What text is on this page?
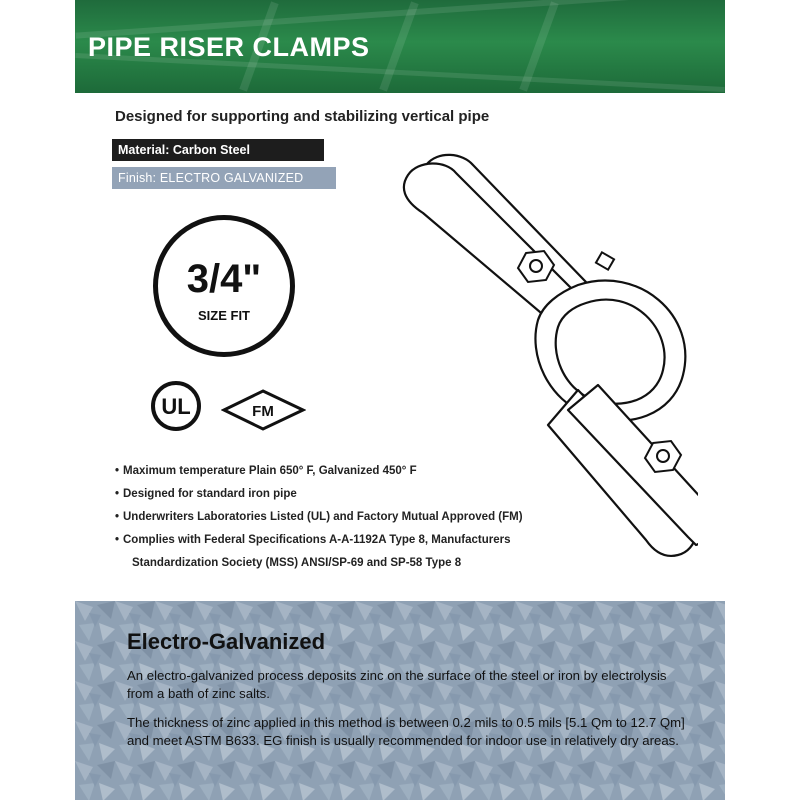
PIPE RISER CLAMPS
Designed for supporting and stabilizing vertical pipe
Material: Carbon Steel
Finish: ELECTRO GALVANIZED
3/4"
SIZE FIT
UL	FM
• Maximum temperature Plain 650° F, Galvanized 450° F
• Designed for standard iron pipe
• Underwriters Laboratories Listed (UL) and Factory Mutual Approved (FM)
• Complies with Federal Specifications A-A-1192A Type 8, Manufacturers
Standardization Society (MSS) ANSI/SP-69 and SP-58 Type 8
Electro-Galvanized

An electro-galvanized process deposits zinc on the surface of the steel or iron by electrolysis from a bath of zinc salts.

The thickness of zinc applied in this method is between 0.2 mils to 0.5 mils [5.1 Qm to 12.7 Qm] and meet ASTM B633. EG finish is usually recommended for indoor use in relatively dry areas.
